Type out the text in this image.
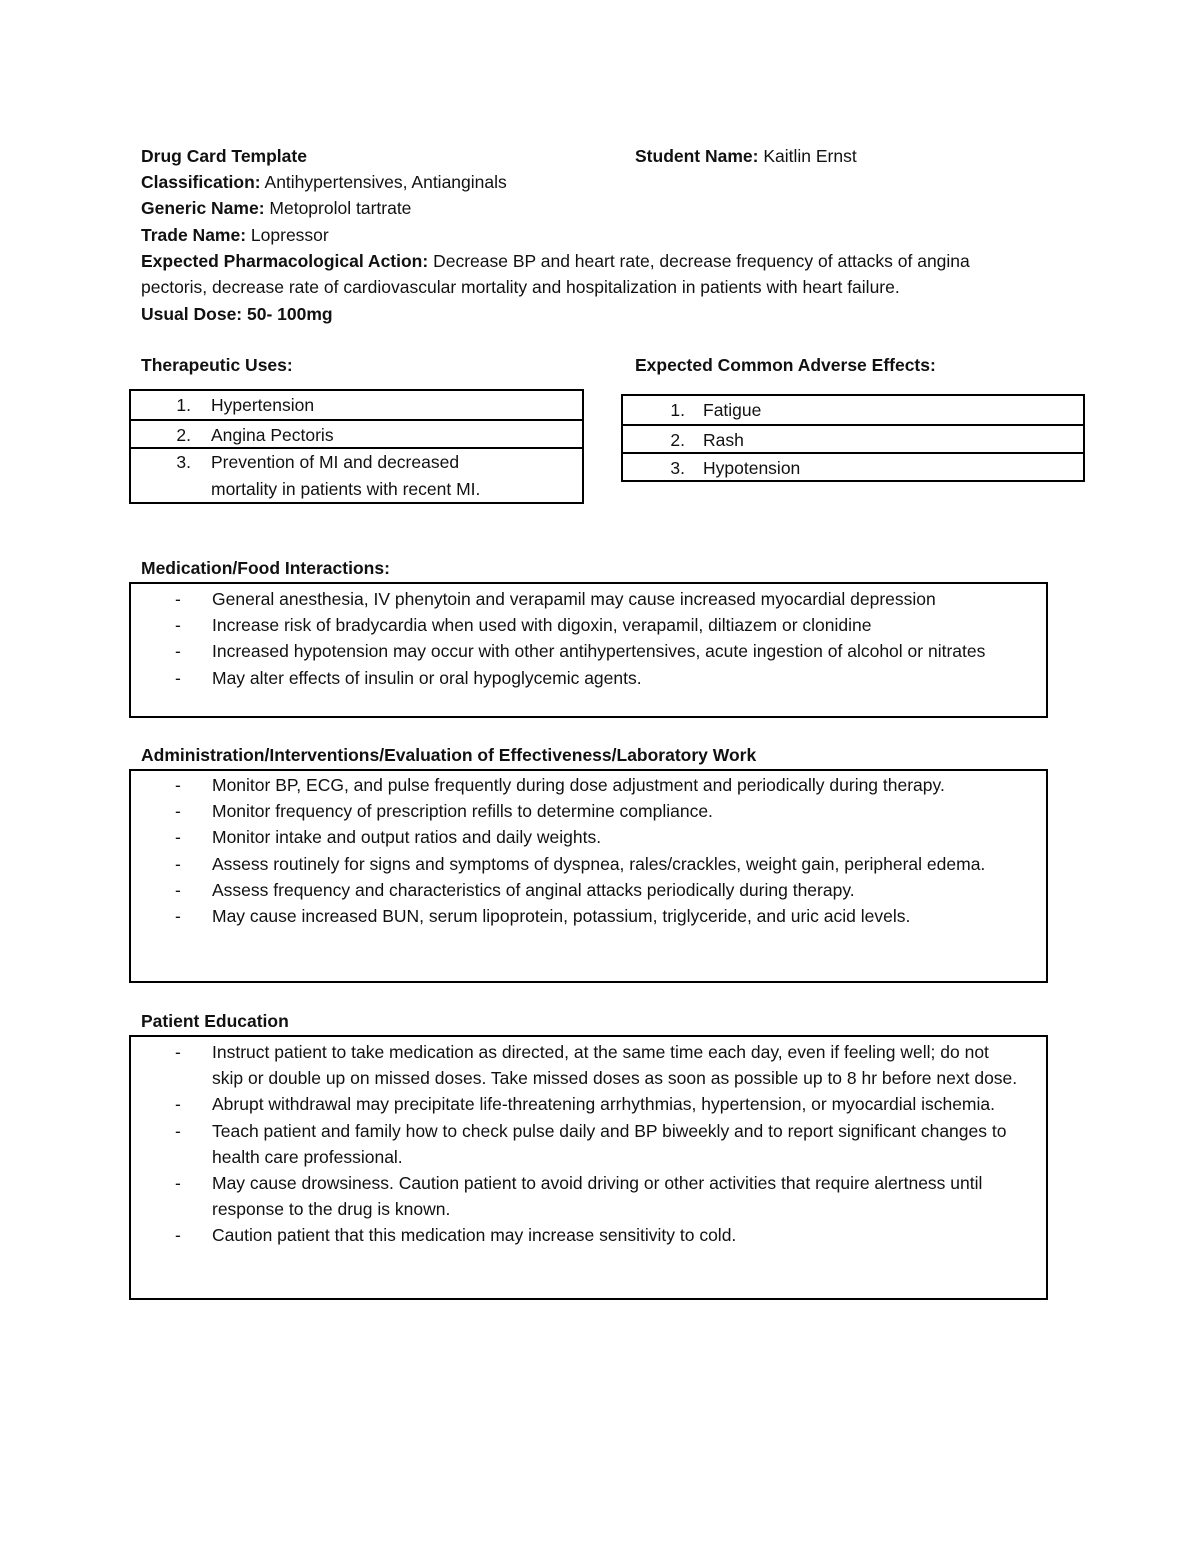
Drug Card Template	Student Name: Kaitlin Ernst
Classification: Antihypertensives, Antianginals
Generic Name: Metoprolol tartrate
Trade Name: Lopressor
Expected Pharmacological Action: Decrease BP and heart rate, decrease frequency of attacks of angina
pectoris, decrease rate of cardiovascular mortality and hospitalization in patients with heart failure.
Usual Dose: 50- 100mg
Therapeutic Uses:
1. Hypertension
2. Angina Pectoris
3. Prevention of MI and decreased
mortality in patients with recent MI.
Expected Common Adverse Effects:
1. Fatigue
2. Rash
3. Hypotension
Medication/Food Interactions:
- General anesthesia, IV phenytoin and verapamil may cause increased myocardial depression
- Increase risk of bradycardia when used with digoxin, verapamil, diltiazem or clonidine
- Increased hypotension may occur with other antihypertensives, acute ingestion of alcohol or nitrates
- May alter effects of insulin or oral hypoglycemic agents.
Administration/Interventions/Evaluation of Effectiveness/Laboratory Work
- Monitor BP, ECG, and pulse frequently during dose adjustment and periodically during therapy.
- Monitor frequency of prescription refills to determine compliance.
- Monitor intake and output ratios and daily weights.
- Assess routinely for signs and symptoms of dyspnea, rales/crackles, weight gain, peripheral edema.
- Assess frequency and characteristics of anginal attacks periodically during therapy.
- May cause increased BUN, serum lipoprotein, potassium, triglyceride, and uric acid levels.
Patient Education
- Instruct patient to take medication as directed, at the same time each day, even if feeling well; do not skip or double up on missed doses. Take missed doses as soon as possible up to 8 hr before next dose.
- Abrupt withdrawal may precipitate life-threatening arrhythmias, hypertension, or myocardial ischemia.
- Teach patient and family how to check pulse daily and BP biweekly and to report significant changes to health care professional.
- May cause drowsiness. Caution patient to avoid driving or other activities that require alertness until response to the drug is known.
- Caution patient that this medication may increase sensitivity to cold.
